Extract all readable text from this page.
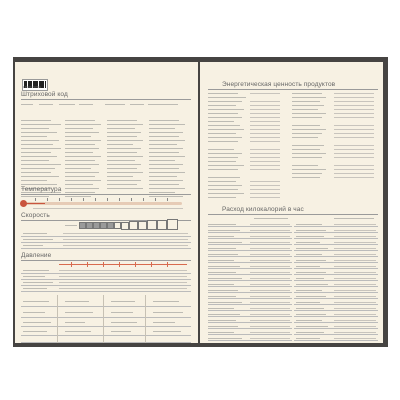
4 601234 567891
Штриховой код
Температура
Скорость
Давление
Энергетическая ценность продуктов
Расход килокалорий в час
